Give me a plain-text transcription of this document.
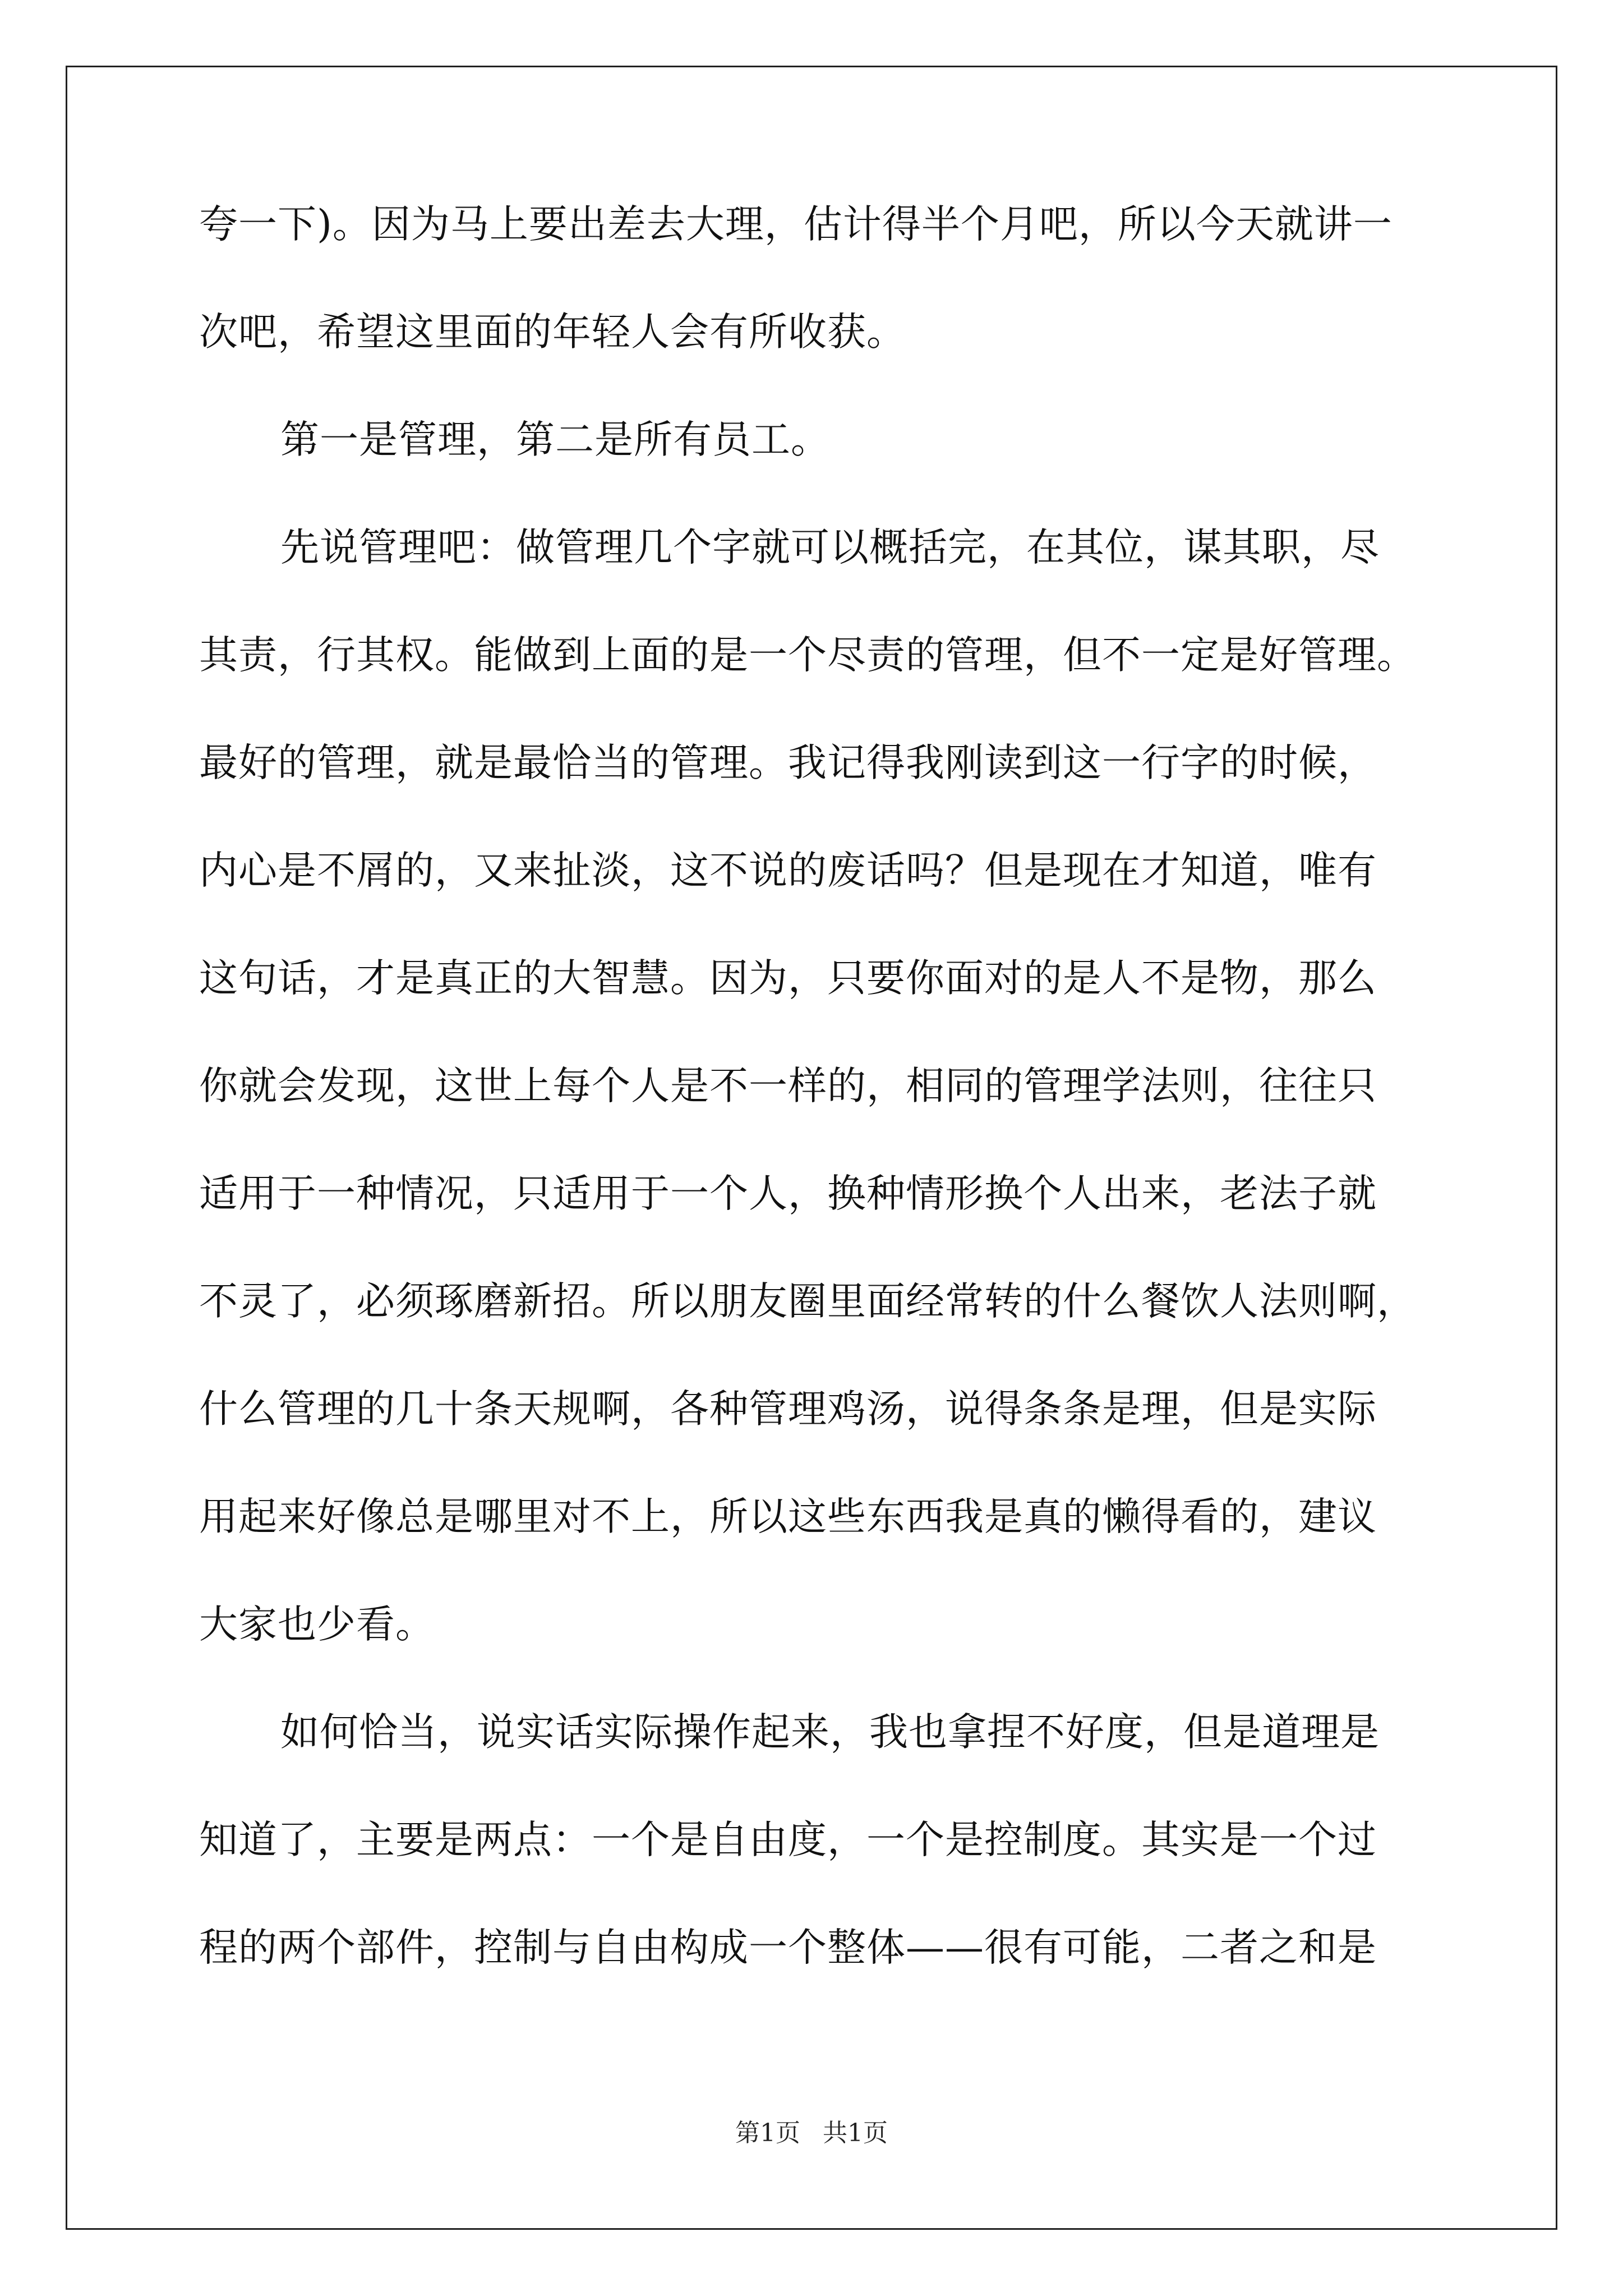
夸一下)。因为马上要出差去大理，估计得半个月吧，所以今天就讲一
次吧，希望这里面的年轻人会有所收获。
第一是管理，第二是所有员工。
先说管理吧：做管理几个字就可以概括完，在其位，谋其职，尽
其责，行其权。能做到上面的是一个尽责的管理，但不一定是好管理。
最好的管理，就是最恰当的管理。我记得我刚读到这一行字的时候，
内心是不屑的，又来扯淡，这不说的废话吗？但是现在才知道，唯有
这句话，才是真正的大智慧。因为，只要你面对的是人不是物，那么
你就会发现，这世上每个人是不一样的，相同的管理学法则，往往只
适用于一种情况，只适用于一个人，换种情形换个人出来，老法子就
不灵了，必须琢磨新招。所以朋友圈里面经常转的什么餐饮人法则啊，
什么管理的几十条天规啊，各种管理鸡汤，说得条条是理，但是实际
用起来好像总是哪里对不上，所以这些东西我是真的懒得看的，建议
大家也少看。
如何恰当，说实话实际操作起来，我也拿捏不好度，但是道理是
知道了，主要是两点：一个是自由度，一个是控制度。其实是一个过
程的两个部件，控制与自由构成一个整体——很有可能，二者之和是
第1页 共1页
